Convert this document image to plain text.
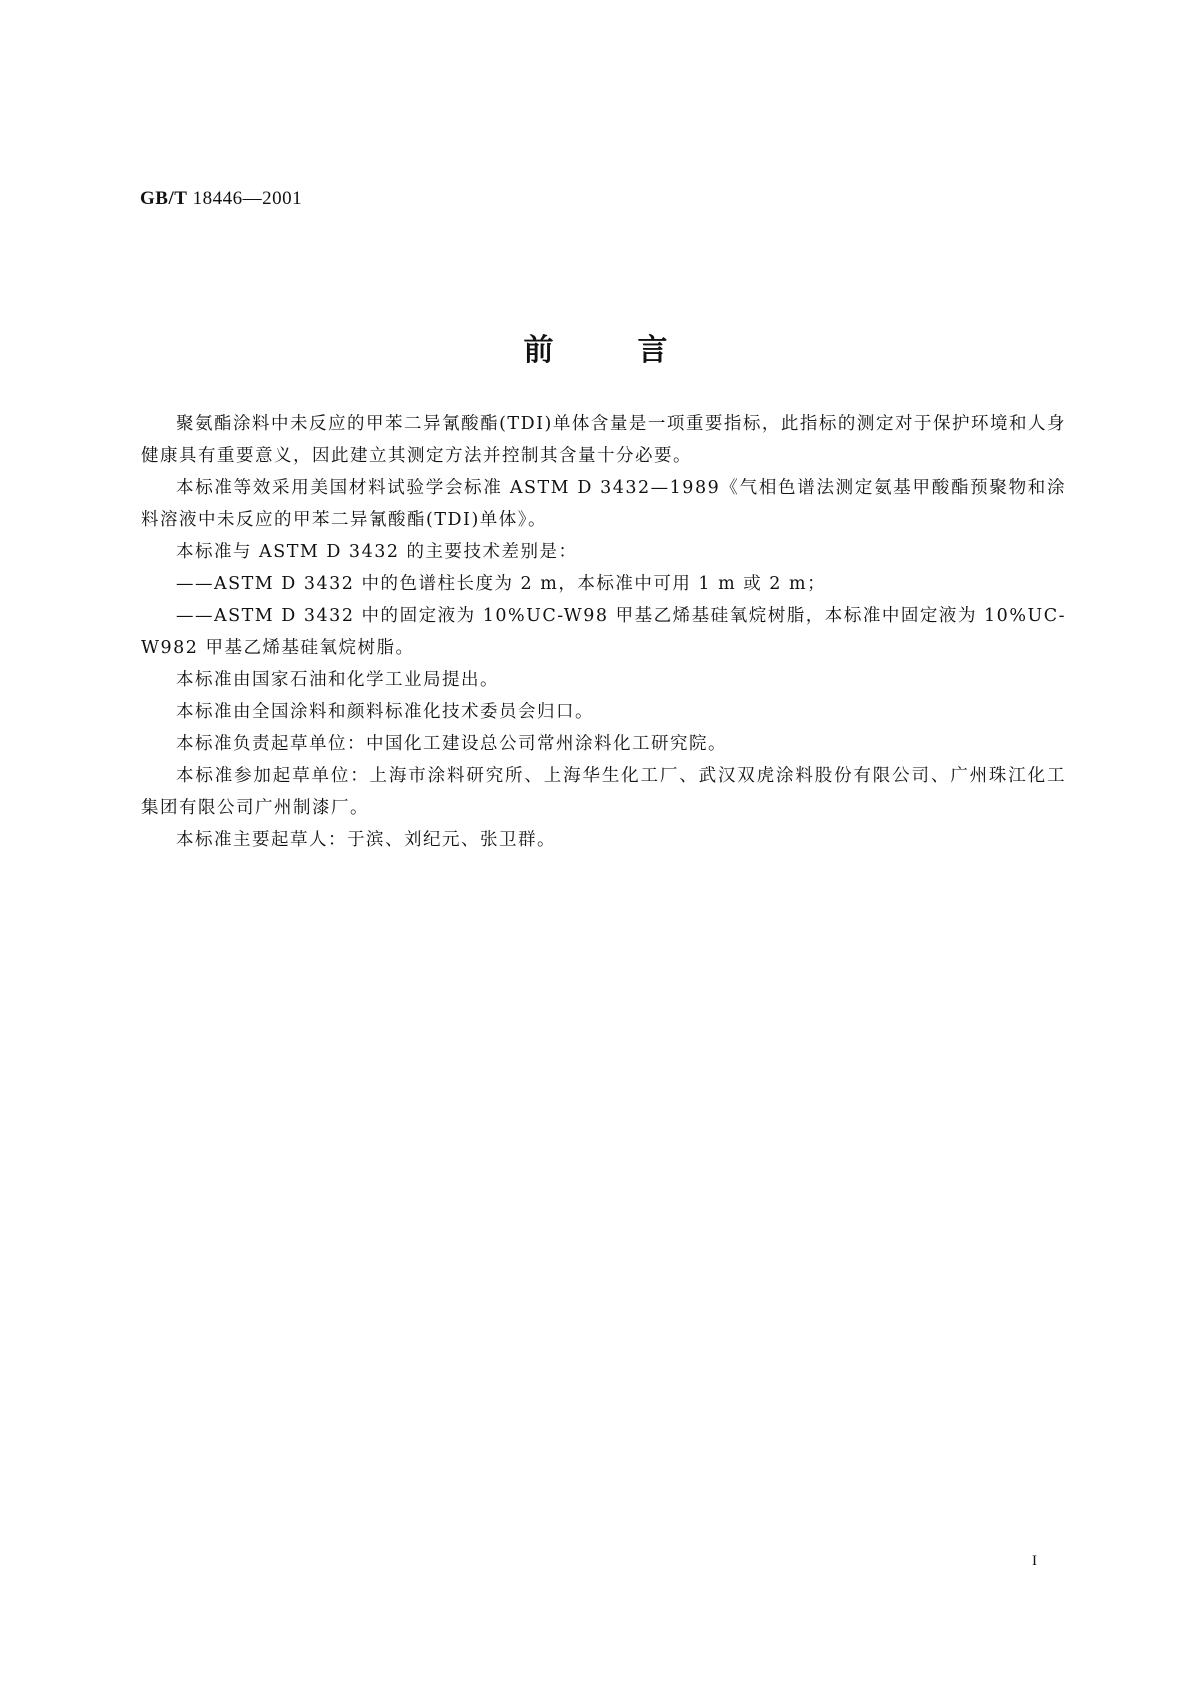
GB/T 18446—2001
前言

聚氨酯涂料中未反应的甲苯二异氰酸酯(TDI)单体含量是一项重要指标，此指标的测定对于保护环境和人身健康具有重要意义，因此建立其测定方法并控制其含量十分必要。

本标准等效采用美国材料试验学会标准 ASTM D 3432—1989《气相色谱法测定氨基甲酸酯预聚物和涂料溶液中未反应的甲苯二异氰酸酯(TDI)单体》。

本标准与 ASTM D 3432 的主要技术差别是：

——ASTM D 3432 中的色谱柱长度为 2 m，本标准中可用 1 m 或 2 m；

——ASTM D 3432 中的固定液为 10%UC-W98 甲基乙烯基硅氧烷树脂，本标准中固定液为 10%UC-W982 甲基乙烯基硅氧烷树脂。

本标准由国家石油和化学工业局提出。

本标准由全国涂料和颜料标准化技术委员会归口。

本标准负责起草单位：中国化工建设总公司常州涂料化工研究院。

本标准参加起草单位：上海市涂料研究所、上海华生化工厂、武汉双虎涂料股份有限公司、广州珠江化工集团有限公司广州制漆厂。

本标准主要起草人：于滨、刘纪元、张卫群。

I
